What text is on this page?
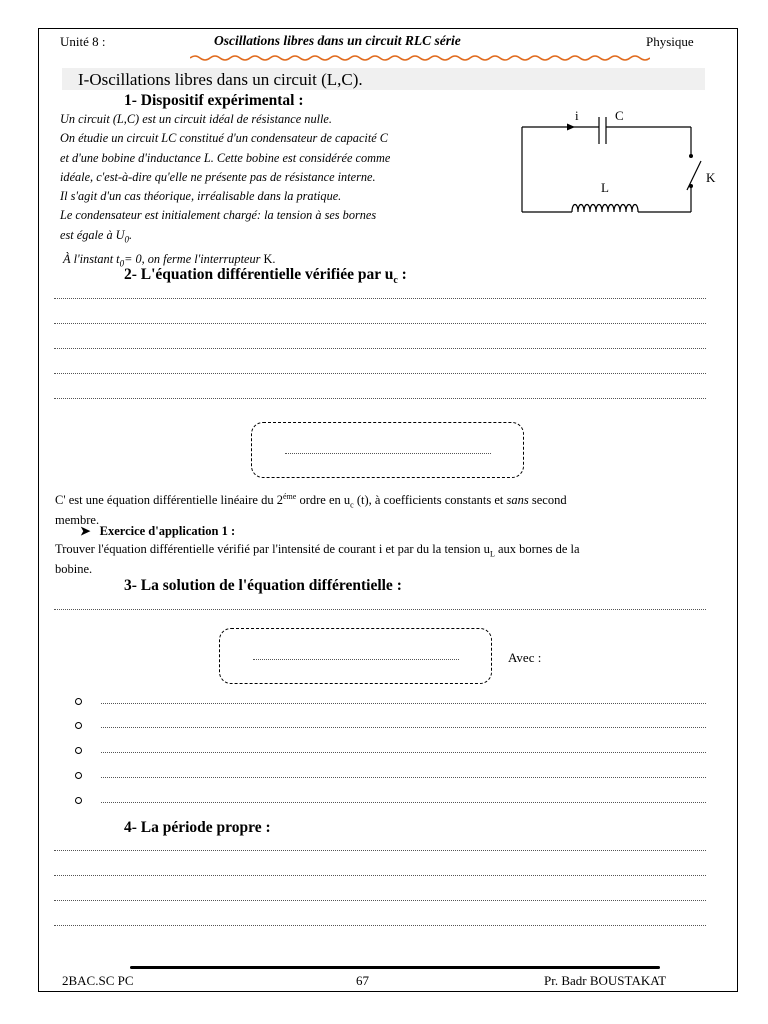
Unité 8 :	Oscillations libres dans un circuit RLC série	Physique
I-Oscillations libres dans un circuit (L,C).
1- Dispositif expérimental :
Un circuit (L,C) est un circuit idéal de résistance nulle.
On étudie un circuit LC constitué d'un condensateur de capacité C
et d'une bobine d'inductance L. Cette bobine est considérée comme
idéale, c'est-à-dire qu'elle ne présente pas de résistance interne.
Il s'agit d'un cas théorique, irréalisable dans la pratique.
Le condensateur est initialement chargé: la tension à ses bornes
est égale à $U_0$.
À l'instant $t_0= 0$, on ferme l'interrupteur K.
i	C
L
K
2- L'équation différentielle vérifiée par $u_c$ :
C' est une équation différentielle linéaire du $2^{éme}$ ordre en $u_c$ (t), à coefficients constants et sans second
membre.
➤ Exercice d'application 1 :
Trouver l'équation différentielle vérifié par l'intensité de courant i et par du la tension $u_L$ aux bornes de la
bobine.
3- La solution de l'équation différentielle :
Avec :
4- La période propre :
2BAC.SC PC	67	Pr. Badr BOUSTAKAT
